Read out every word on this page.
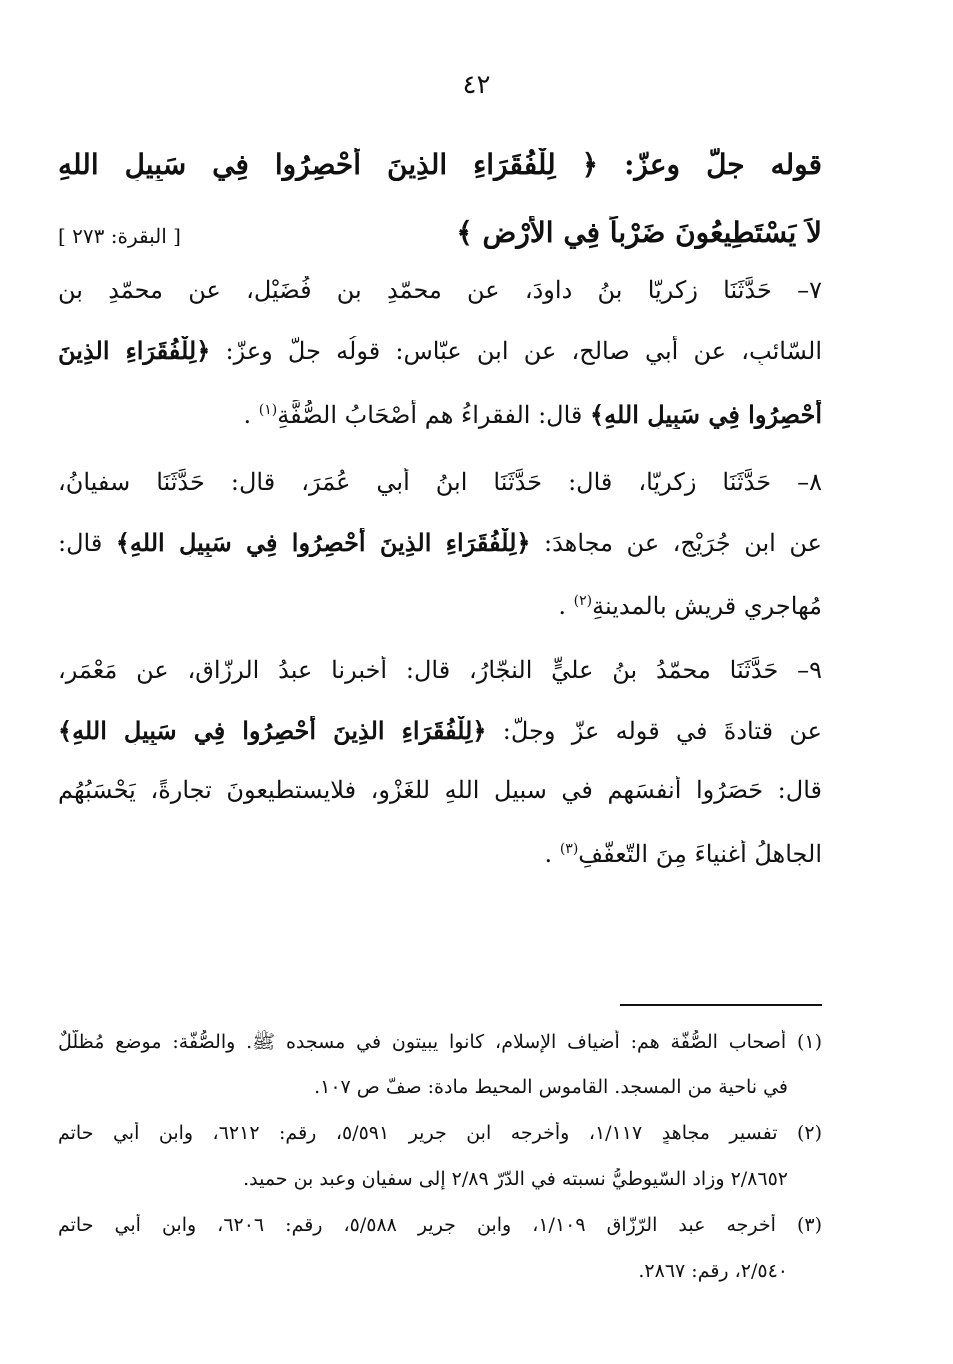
٤٢
قوله جلّ وعزّ: ﴿ لِلْفُقَرَاءِ الذِينَ أُحْصِرُوا فِي سَبِيلِ اللهِ
لاَ يَسْتَطِيعُونَ ضَرْباً فِي الأَرْضِ ﴾
[ البقرة: ٢٧٣ ]
٧– حَدَّثَنَا زكريّا بنُ داودَ، عن محمّدِ بنِ فُضَيْلٍ، عن محمّدِ بنِ
السّائبِ، عن أبي صالحٍ، عن ابنِ عبّاسٍ: قولُه جلّ وعزّ: ﴿لِلْفُقَرَاءِ الذِينَ
أُحْصِرُوا فِي سَبِيلِ اللهِ﴾ قال: الفقراءُ هم أصْحَابُ الصُّفَّةِ$^{(١)}$ .
٨– حَدَّثَنَا زكريّا، قال: حَدَّثَنَا ابنُ أبي عُمَرَ، قال: حَدَّثَنَا سفيانُ،
عن ابنِ جُرَيْجٍ، عن مجاهدَ: ﴿لِلْفُقَرَاءِ الذِينَ أُحْصِرُوا فِي سَبِيلِ اللهِ﴾ قال:
مُهاجري قريشٍ بالمدينةِ$^{(٢)}$ .
٩– حَدَّثَنَا محمّدُ بنُ عليٍّ النجّارُ، قال: أخبرنا عبدُ الرزّاقِ، عن مَعْمَرٍ،
عن قتادةَ في قوله عزّ وجلّ: ﴿لِلْفُقَرَاءِ الذِينَ أُحْصِرُوا فِي سَبِيلِ اللهِ﴾
قال: حَصَرُوا أنفسَهم في سبيلِ اللهِ للغَزْوِ، فلايستطيعونَ تجارةً، يَحْسَبُهُم
الجاهلُ أغنياءَ مِنَ التّعفّفِ$^{(٣)}$ .
(١) أصحاب الصُّفّة هم: أضياف الإسلام، كانوا يبيتون في مسجده ﷺ. والصُّفّة: موضع مُظلّلٌ
في ناحية من المسجد. القاموس المحيط مادة: صفّ ص ١٠٧.
(٢) تفسير مجاهدٍ ١/١١٧، وأخرجه ابن جرير ٥/٥٩١، رقم: ٦٢١٢، وابن أبي حاتم
٢/٨٦٥٢ وزاد السّيوطيُّ نسبته في الدّرّ ٢/٨٩ إلى سفيان وعبد بن حميد.
(٣) أخرجه عبد الرّزّاق ١/١٠٩، وابن جرير ٥/٥٨٨، رقم: ٦٢٠٦، وابن أبي حاتم
٢/٥٤٠، رقم: ٢٨٦٧.
